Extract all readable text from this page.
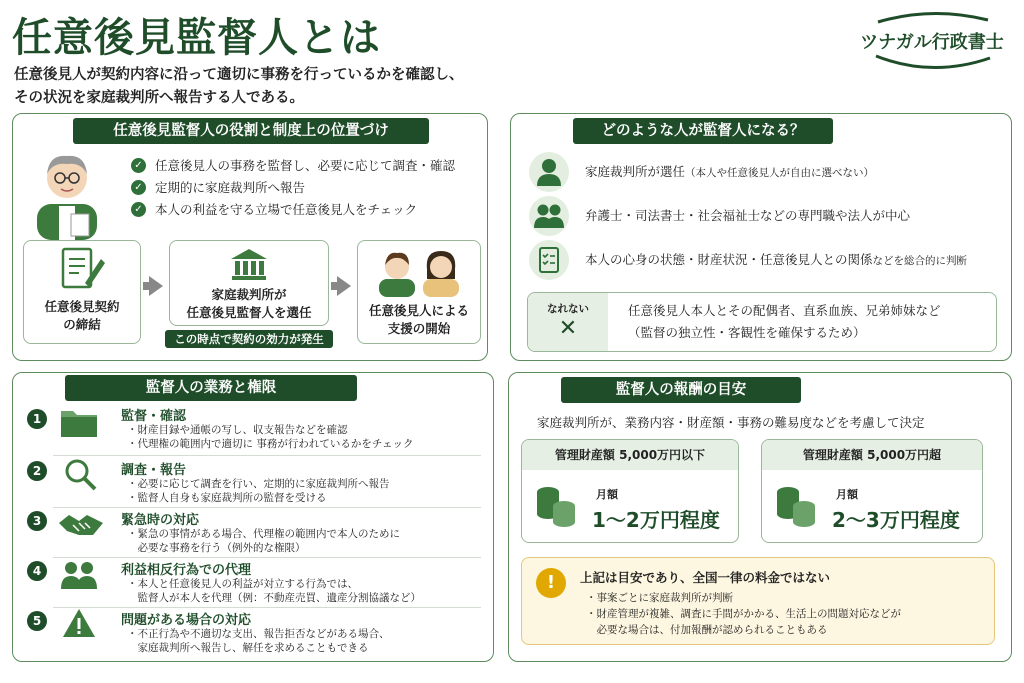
任意後見監督人とは
任意後見人が契約内容に沿って適切に事務を行っているかを確認し、
その状況を家庭裁判所へ報告する人である。
ツナガル行政書士
任意後見監督人の役割と制度上の位置づけ
✓ 任意後見人の事務を監督し、必要に応じて調査・確認
✓ 定期的に家庭裁判所へ報告
✓ 本人の利益を守る立場で任意後見人をチェック
任意後見契約
の締結
家庭裁判所が
任意後見監督人を選任
この時点で契約の効力が発生
任意後見人による
支援の開始
どのような人が監督人になる？
家庭裁判所が選任（本人や任意後見人が自由に選べない）
弁護士・司法書士・社会福祉士などの専門職や法人が中心
本人の心身の状態・財産状況・任意後見人との関係などを総合的に判断
なれない
✕
任意後見人本人とその配偶者、直系血族、兄弟姉妹など
（監督の独立性・客観性を確保するため）
監督人の業務と権限
1	監督・確認
・財産目録や通帳の写し、収支報告などを確認
・代理権の範囲内で適切に 事務が行われているかをチェック
2	調査・報告
・必要に応じて調査を行い、定期的に家庭裁判所へ報告
・監督人自身も家庭裁判所の監督を受ける
3	緊急時の対応
・緊急の事情がある場合、代理権の範囲内で本人のために
　必要な事務を行う（例外的な権限）
4	利益相反行為での代理
・本人と任意後見人の利益が対立する行為では、
　監督人が本人を代理（例：不動産売買、遺産分割協議など）
5	問題がある場合の対応
・不正行為や不適切な支出、報告拒否などがある場合、
　家庭裁判所へ報告し、解任を求めることもできる
監督人の報酬の目安
家庭裁判所が、業務内容・財産額・事務の難易度などを考慮して決定
管理財産額 5,000万円以下
月額
1〜2万円程度
管理財産額 5,000万円超
月額
2〜3万円程度
!	上記は目安であり、全国一律の料金ではない
・事案ごとに家庭裁判所が判断
・財産管理が複雑、調査に手間がかかる、生活上の問題対応などが
　必要な場合は、付加報酬が認められることもある
